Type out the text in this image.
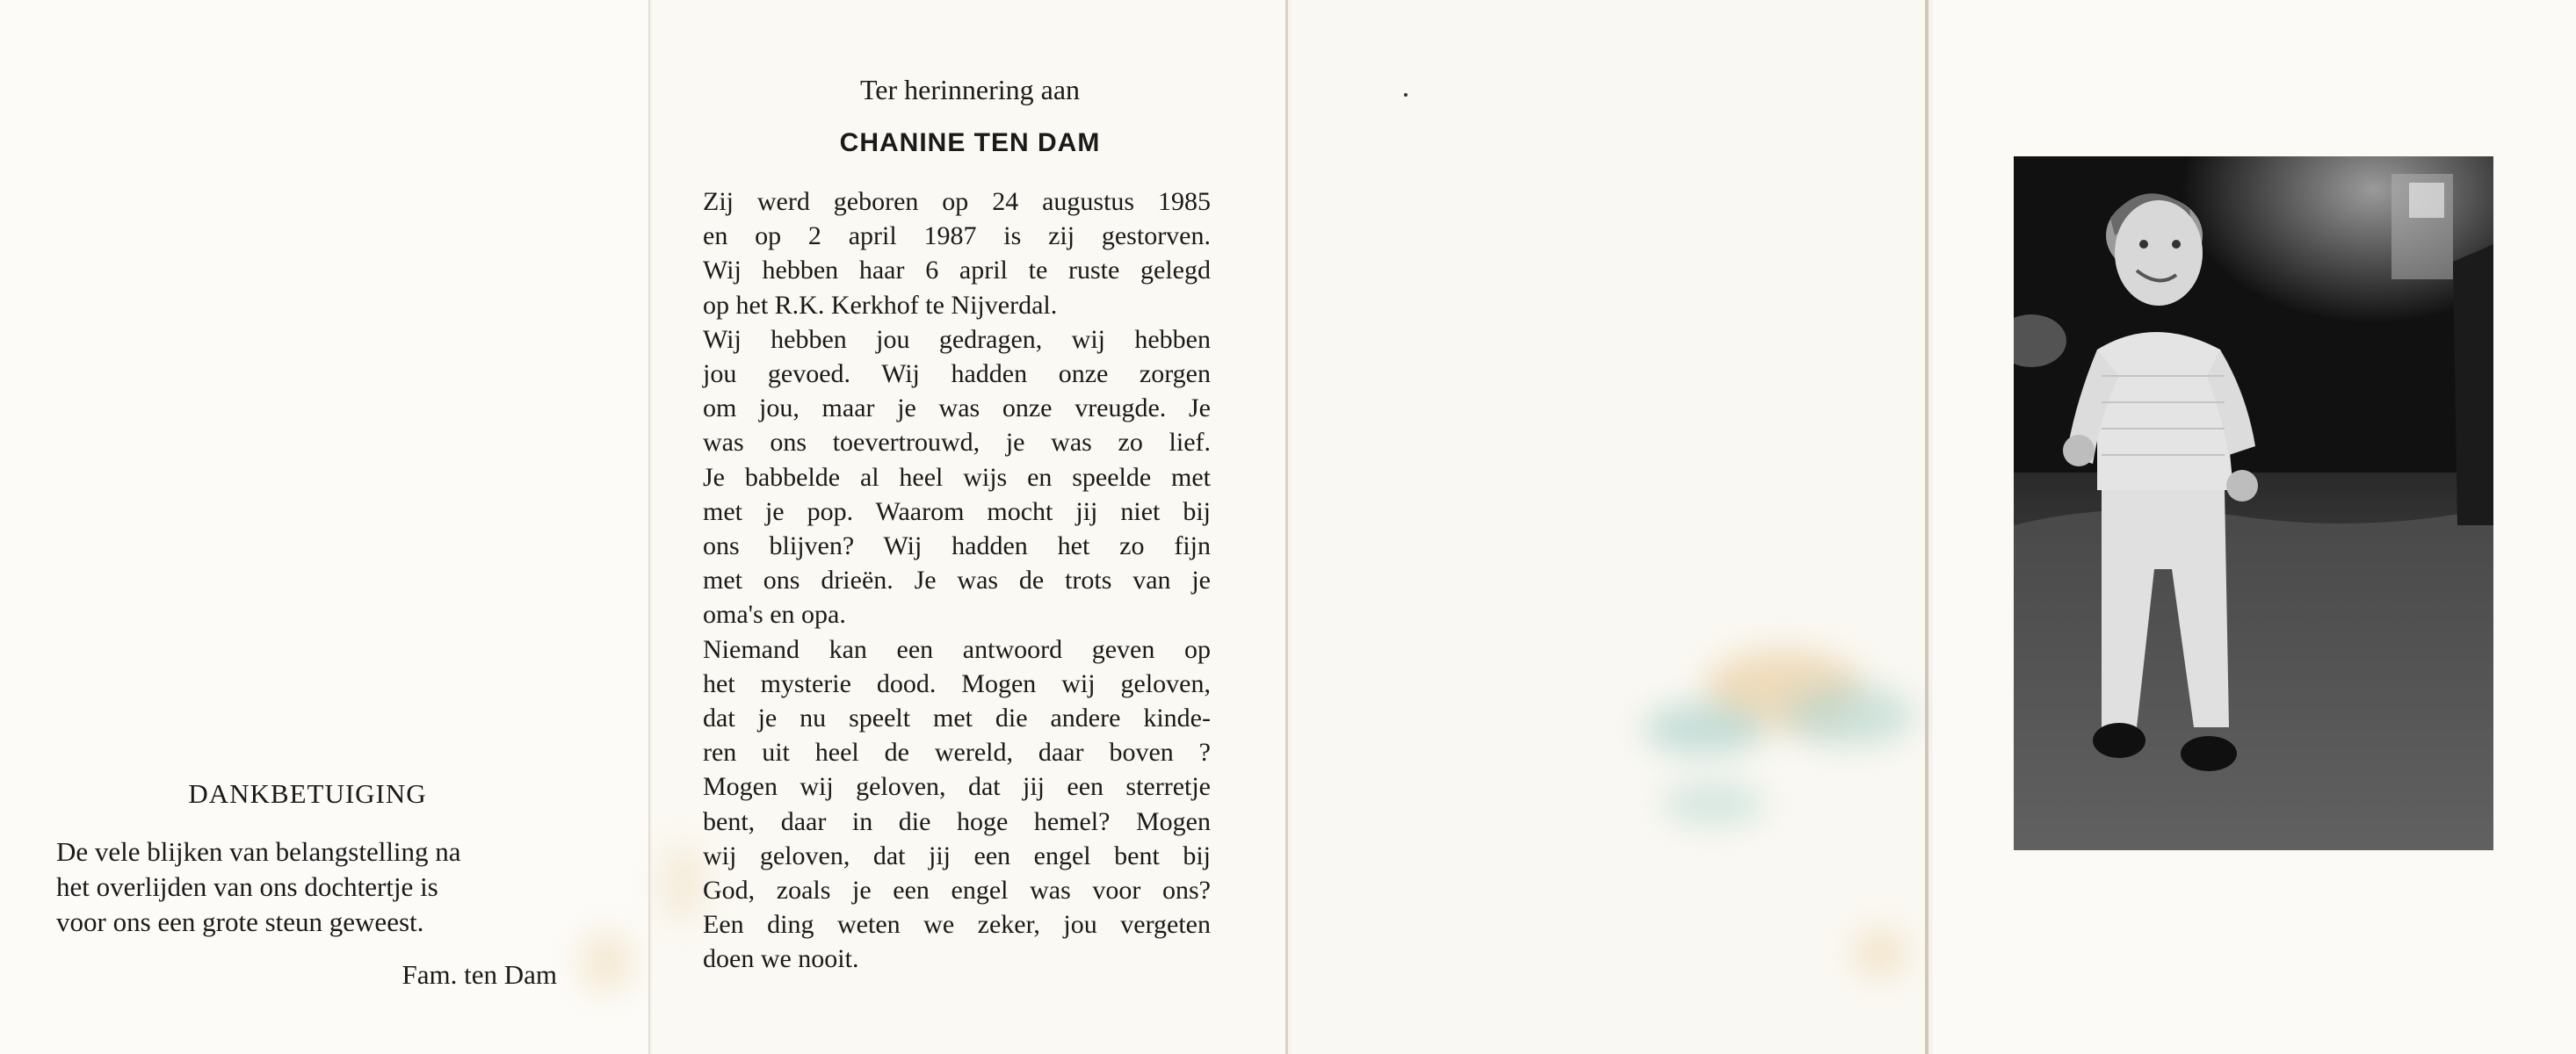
DANKBETUIGING
De vele blijken van belangstelling na
het overlijden van ons dochtertje is
voor ons een grote steun geweest.
Fam. ten Dam
Ter herinnering aan
CHANINE TEN DAM
Zij werd geboren op 24 augustus 1985
en op 2 april 1987 is zij gestorven.
Wij hebben haar 6 april te ruste gelegd
op het R.K. Kerkhof te Nijverdal.
Wij hebben jou gedragen, wij hebben
jou gevoed. Wij hadden onze zorgen
om jou, maar je was onze vreugde. Je
was ons toevertrouwd, je was zo lief.
Je babbelde al heel wijs en speelde met
met je pop. Waarom mocht jij niet bij
ons blijven? Wij hadden het zo fijn
met ons drieën. Je was de trots van je
oma's en opa.
Niemand kan een antwoord geven op
het mysterie dood. Mogen wij geloven,
dat je nu speelt met die andere kinde-
ren uit heel de wereld, daar boven ?
Mogen wij geloven, dat jij een sterretje
bent, daar in die hoge hemel? Mogen
wij geloven, dat jij een engel bent bij
God, zoals je een engel was voor ons?
Een ding weten we zeker, jou vergeten
doen we nooit.
